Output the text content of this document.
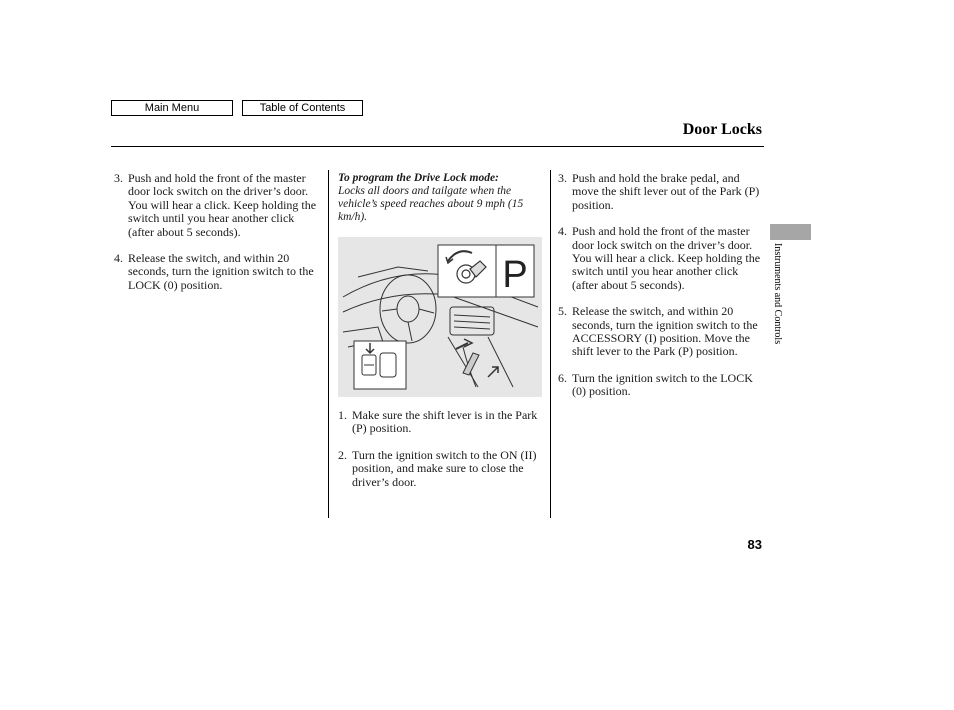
Main Menu	Table of Contents
Door Locks
3. Push and hold the front of the master door lock switch on the driver’s door. You will hear a click. Keep holding the switch until you hear another click (after about 5 seconds).
4. Release the switch, and within 20 seconds, turn the ignition switch to the LOCK (0) position.
To program the Drive Lock mode:
Locks all doors and tailgate when the vehicle’s speed reaches about 9 mph (15 km/h).
P
1. Make sure the shift lever is in the Park (P) position.
2. Turn the ignition switch to the ON (II) position, and make sure to close the driver’s door.
3. Push and hold the brake pedal, and move the shift lever out of the Park (P) position.
4. Push and hold the front of the master door lock switch on the driver’s door. You will hear a click. Keep holding the switch until you hear another click (after about 5 seconds).
5. Release the switch, and within 20 seconds, turn the ignition switch to the ACCESSORY (I) position. Move the shift lever to the Park (P) position.
6. Turn the ignition switch to the LOCK (0) position.
Instruments and Controls
83
